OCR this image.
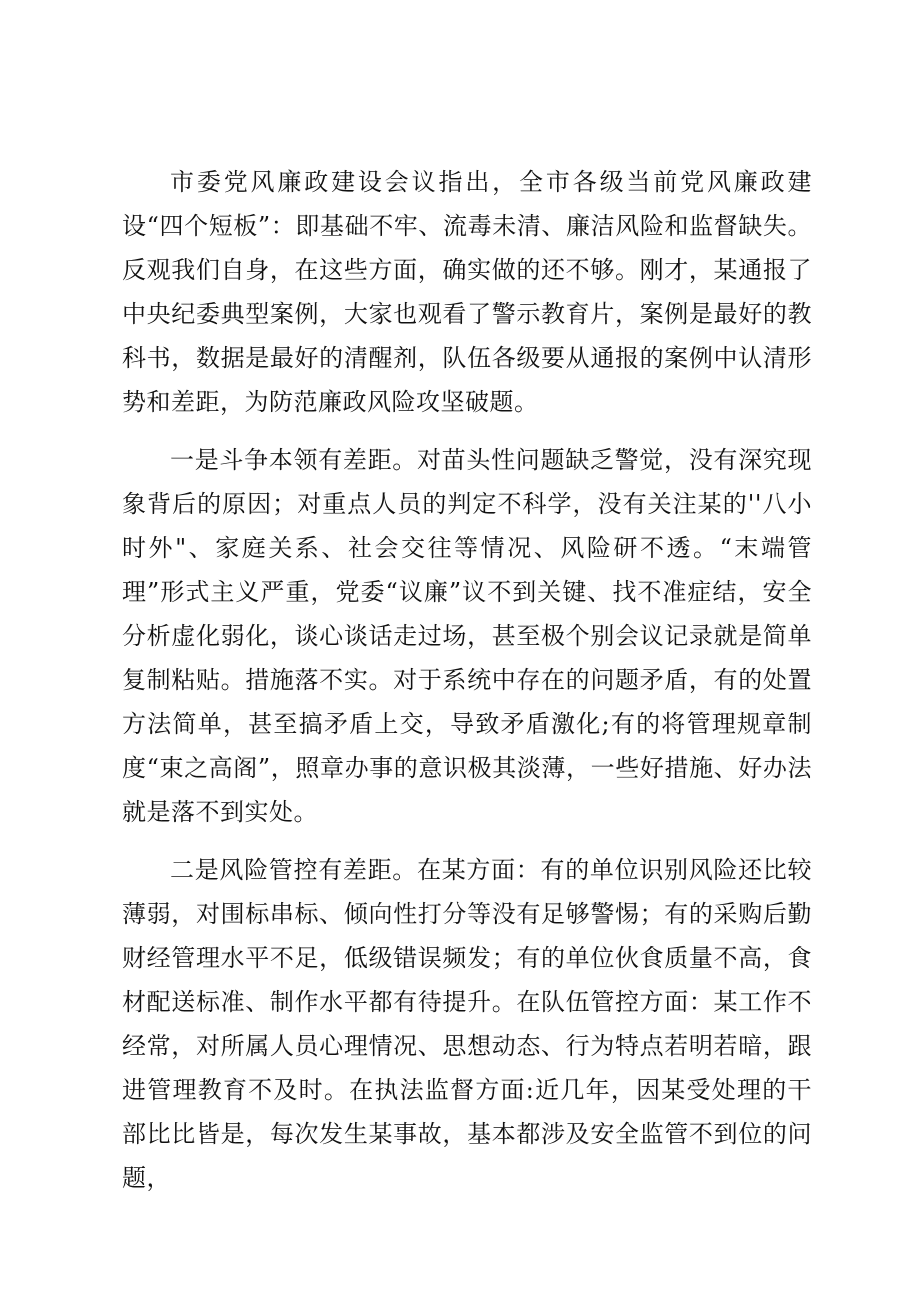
市委党风廉政建设会议指出，全市各级当前党风廉政建设“四个短板”：即基础不牢、流毒未清、廉洁风险和监督缺失。反观我们自身，在这些方面，确实做的还不够。刚才，某通报了中央纪委典型案例，大家也观看了警示教育片，案例是最好的教科书，数据是最好的清醒剂，队伍各级要从通报的案例中认清形势和差距，为防范廉政风险攻坚破题。

一是斗争本领有差距。对苗头性问题缺乏警觉，没有深究现象背后的原因；对重点人员的判定不科学，没有关注某的''八小时外"、家庭关系、社会交往等情况、风险研不透。“末端管理”形式主义严重，党委“议廉”议不到关键、找不准症结，安全分析虚化弱化，谈心谈话走过场，甚至极个别会议记录就是简单复制粘贴。措施落不实。对于系统中存在的问题矛盾，有的处置方法简单，甚至搞矛盾上交，导致矛盾激化;有的将管理规章制度“束之高阁”，照章办事的意识极其淡薄，一些好措施、好办法就是落不到实处。

二是风险管控有差距。在某方面：有的单位识别风险还比较薄弱，对围标串标、倾向性打分等没有足够警惕；有的采购后勤财经管理水平不足，低级错误频发；有的单位伙食质量不高，食材配送标准、制作水平都有待提升。在队伍管控方面：某工作不经常，对所属人员心理情况、思想动态、行为特点若明若暗，跟进管理教育不及时。在执法监督方面:近几年，因某受处理的干部比比皆是，每次发生某事故，基本都涉及安全监管不到位的问题，
